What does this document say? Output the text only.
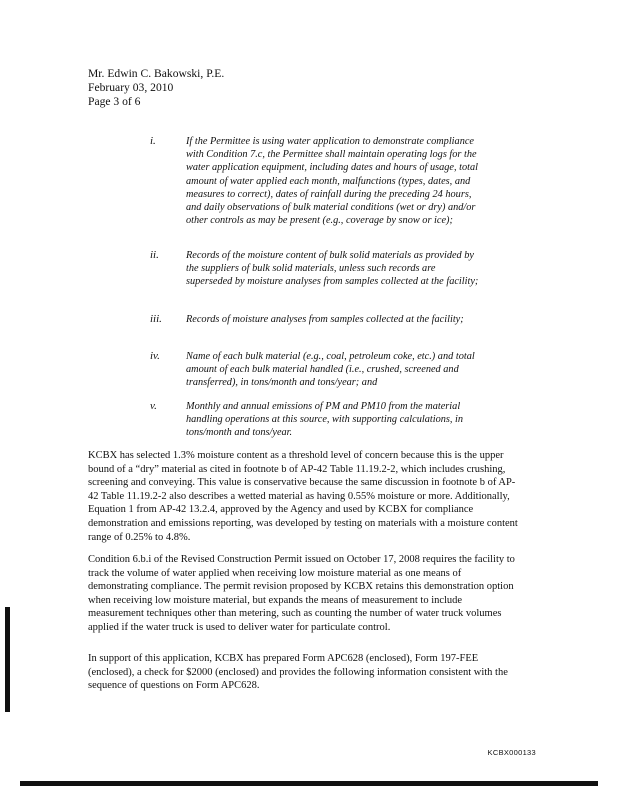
Mr. Edwin C. Bakowski, P.E.
February 03, 2010
Page 3 of 6
i.	If the Permittee is using water application to demonstrate compliance with Condition 7.c, the Permittee shall maintain operating logs for the water application equipment, including dates and hours of usage, total amount of water applied each month, malfunctions (types, dates, and measures to correct), dates of rainfall during the preceding 24 hours, and daily observations of bulk material conditions (wet or dry) and/or other controls as may be present (e.g., coverage by snow or ice);
ii.	Records of the moisture content of bulk solid materials as provided by the suppliers of bulk solid materials, unless such records are superseded by moisture analyses from samples collected at the facility;
iii. Records of moisture analyses from samples collected at the facility;
iv.	Name of each bulk material (e.g., coal, petroleum coke, etc.) and total amount of each bulk material handled (i.e., crushed, screened and transferred), in tons/month and tons/year; and
v.	Monthly and annual emissions of PM and PM10 from the material handling operations at this source, with supporting calculations, in tons/month and tons/year.
KCBX has selected 1.3% moisture content as a threshold level of concern because this is the upper bound of a “dry” material as cited in footnote b of AP-42 Table 11.19.2-2, which includes crushing, screening and conveying. This value is conservative because the same discussion in footnote b of AP-42 Table 11.19.2-2 also describes a wetted material as having 0.55% moisture or more. Additionally, Equation 1 from AP-42 13.2.4, approved by the Agency and used by KCBX for compliance demonstration and emissions reporting, was developed by testing on materials with a moisture content range of 0.25% to 4.8%.
Condition 6.b.i of the Revised Construction Permit issued on October 17, 2008 requires the facility to track the volume of water applied when receiving low moisture material as one means of demonstrating compliance. The permit revision proposed by KCBX retains this demonstration option when receiving low moisture material, but expands the means of measurement to include measurement techniques other than metering, such as counting the number of water truck volumes applied if the water truck is used to deliver water for particulate control.
In support of this application, KCBX has prepared Form APC628 (enclosed), Form 197-FEE (enclosed), a check for $2000 (enclosed) and provides the following information consistent with the sequence of questions on Form APC628.
KCBX000133
